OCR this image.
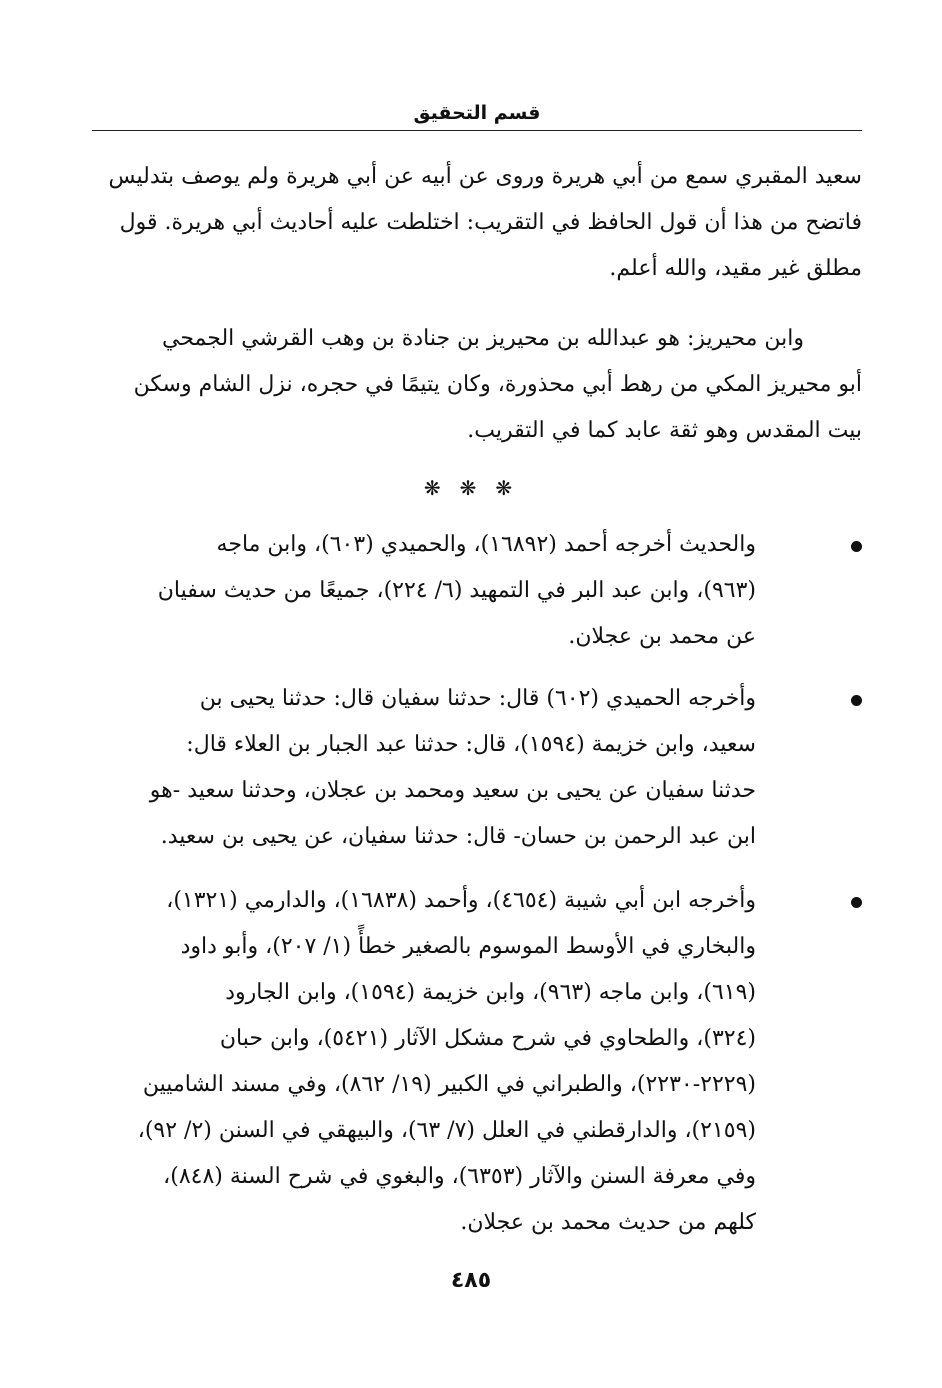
قسم التحقيق
سعيد المقبري سمع من أبي هريرة وروى عن أبيه عن أبي هريرة ولم يوصف بتدليس
فاتضح من هذا أن قول الحافظ في التقريب: اختلطت عليه أحاديث أبي هريرة. قول
مطلق غير مقيد، والله أعلم.
وابن محيريز: هو عبدالله بن محيريز بن جنادة بن وهب القرشي الجمحي
أبو محيريز المكي من رهط أبي محذورة، وكان يتيمًا في حجره، نزل الشام وسكن
بيت المقدس وهو ثقة عابد كما في التقريب.
❋ ❋ ❋
والحديث أخرجه أحمد (١٦٨٩٢)، والحميدي (٦٠٣)، وابن ماجه
(٩٦٣)، وابن عبد البر في التمهيد (٦/ ٢٢٤)، جميعًا من حديث سفيان
عن محمد بن عجلان.
وأخرجه الحميدي (٦٠٢) قال: حدثنا سفيان قال: حدثنا يحيى بن
سعيد، وابن خزيمة (١٥٩٤)، قال: حدثنا عبد الجبار بن العلاء قال:
حدثنا سفيان عن يحيى بن سعيد ومحمد بن عجلان، وحدثنا سعيد -هو
ابن عبد الرحمن بن حسان- قال: حدثنا سفيان، عن يحيى بن سعيد.
وأخرجه ابن أبي شيبة (٤٦٥٤)، وأحمد (١٦٨٣٨)، والدارمي (١٣٢١)،
والبخاري في الأوسط الموسوم بالصغير خطأً (١/ ٢٠٧)، وأبو داود
(٦١٩)، وابن ماجه (٩٦٣)، وابن خزيمة (١٥٩٤)، وابن الجارود
(٣٢٤)، والطحاوي في شرح مشكل الآثار (٥٤٢١)، وابن حبان
(٢٢٢٩-٢٢٣٠)، والطبراني في الكبير (١٩/ ٨٦٢)، وفي مسند الشاميين
(٢١٥٩)، والدارقطني في العلل (٧/ ٦٣)، والبيهقي في السنن (٢/ ٩٢)،
وفي معرفة السنن والآثار (٦٣٥٣)، والبغوي في شرح السنة (٨٤٨)،
كلهم من حديث محمد بن عجلان.
٤٨٥
